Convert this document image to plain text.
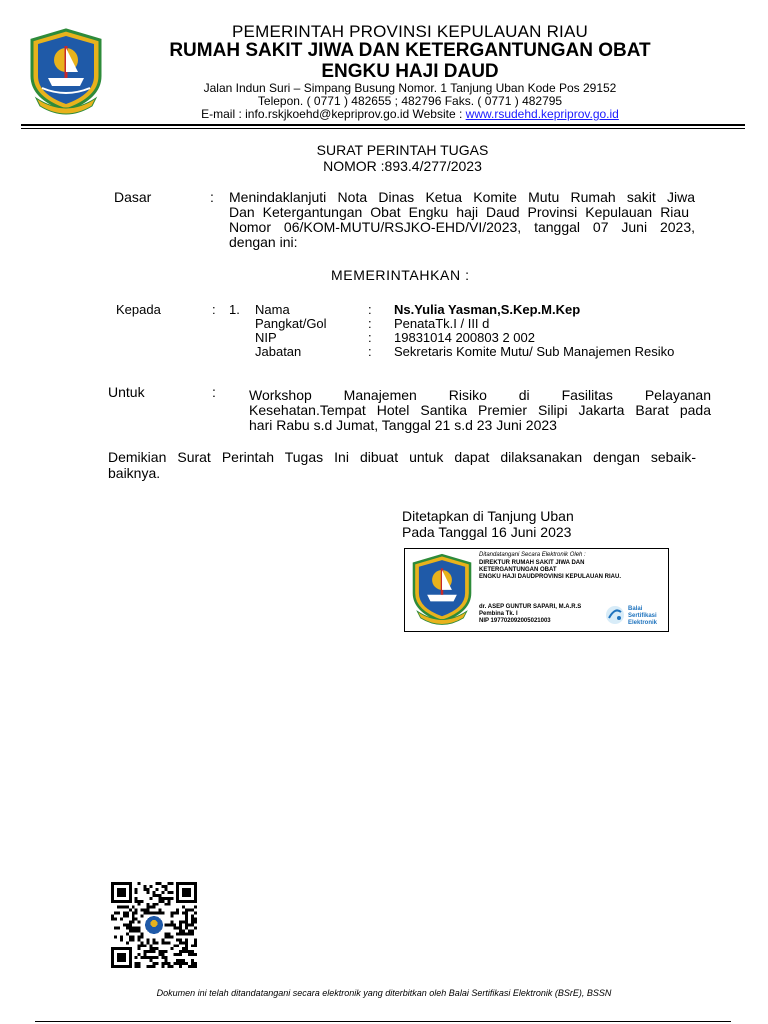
PEMERINTAH PROVINSI KEPULAUAN RIAU
RUMAH SAKIT JIWA DAN KETERGANTUNGAN OBAT
ENGKU HAJI DAUD
Jalan Indun Suri – Simpang Busung Nomor. 1 Tanjung Uban Kode Pos 29152
Telepon. ( 0771 ) 482655 ; 482796 Faks. ( 0771 ) 482795
E-mail : info.rskjkoehd@kepriprov.go.id Website : www.rsudehd.kepriprov.go.id
SURAT PERINTAH TUGAS
NOMOR :893.4/277/2023
Dasar	: Menindaklanjuti Nota Dinas Ketua Komite Mutu Rumah sakit Jiwa
Dan Ketergantungan Obat Engku haji Daud Provinsi Kepulauan Riau
Nomor 06/KOM-MUTU/RSJKO-EHD/VI/2023, tanggal 07 Juni 2023,
dengan ini:
MEMERINTAHKAN :
Kepada	: 1. Nama	: Ns.Yulia Yasman,S.Kep.M.Kep
Pangkat/Gol	: PenataTk.I / III d
NIP	: 19831014 200803 2 002
Jabatan	: Sekretaris Komite Mutu/ Sub Manajemen Resiko
Untuk	: Workshop Manajemen Risiko di Fasilitas Pelayanan
Kesehatan.Tempat Hotel Santika Premier Silipi Jakarta Barat pada
hari Rabu s.d Jumat, Tanggal 21 s.d 23 Juni 2023
Demikian Surat Perintah Tugas Ini dibuat untuk dapat dilaksanakan dengan sebaik-
baiknya.
Ditetapkan di Tanjung Uban
Pada Tanggal 16 Juni 2023
Ditandatangani Secara Elektronik Oleh :
DIREKTUR RUMAH SAKIT JIWA DAN
KETERGANTUNGAN OBAT
ENGKU HAJI DAUDPROVINSI KEPULAUAN RIAU.
dr. ASEP GUNTUR SAPARI, M.A.R.S
Pembina Tk. I
NIP 197702092005021003
Balai
Sertifikasi
Elektronik
Dokumen ini telah ditandatangani secara elektronik yang diterbitkan oleh Balai Sertifikasi Elektronik (BSrE), BSSN
